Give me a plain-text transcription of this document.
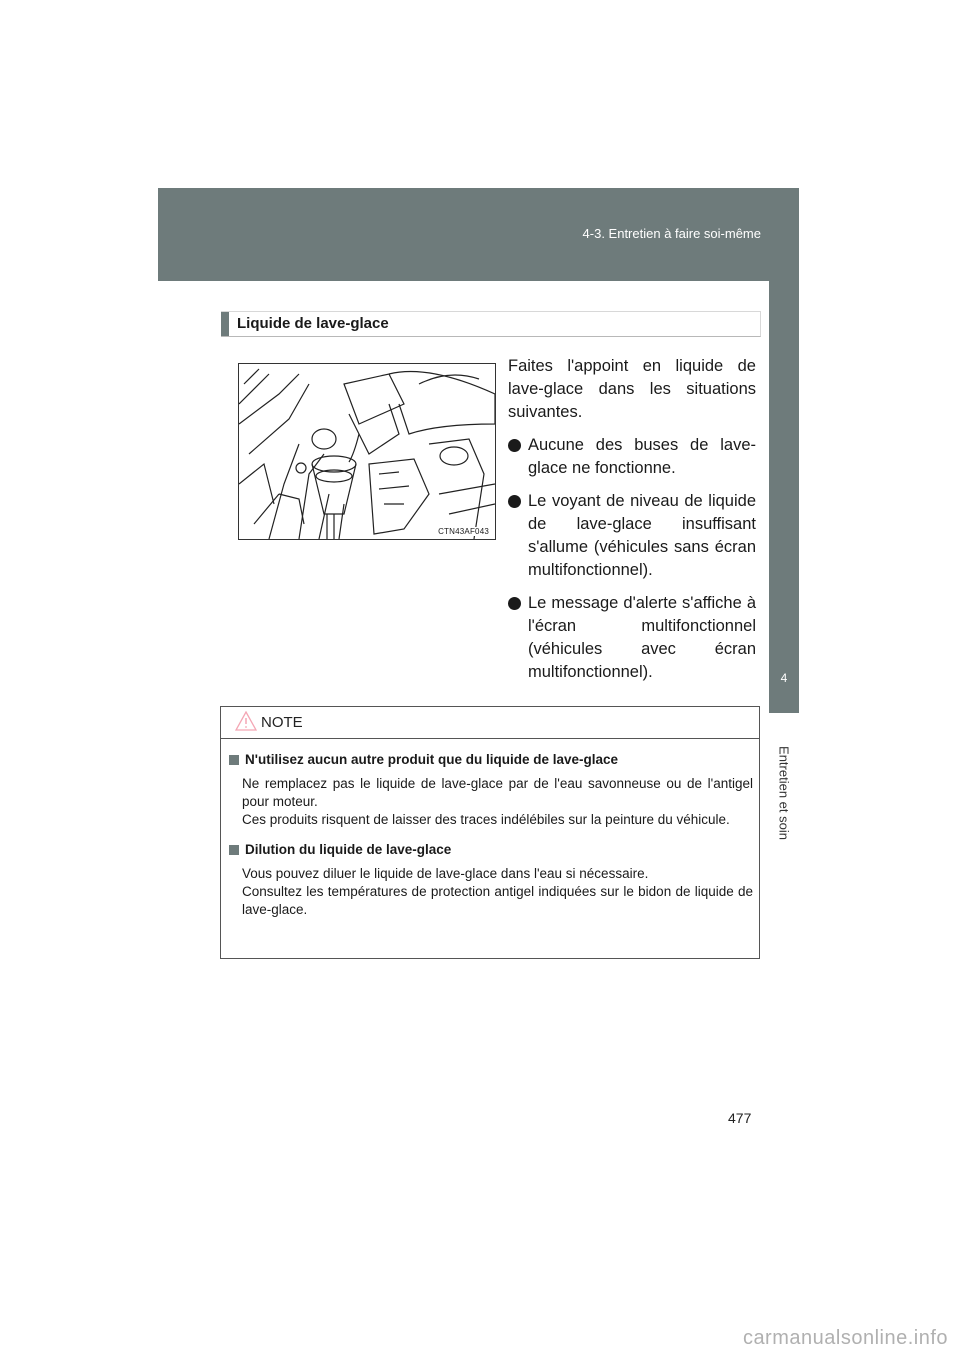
4-3. Entretien à faire soi-même
4
Entretien et soin
Liquide de lave-glace
CTN43AF043

Faites l'appoint en liquide de lave-glace dans les situations suivantes.

Aucune des buses de lave-glace ne fonctionne.
Le voyant de niveau de liquide de lave-glace insuffisant s'allume (véhicules sans écran multifonctionnel).
Le message d'alerte s'affiche à l'écran multifonctionnel (véhicules avec écran multifonctionnel).
NOTE
N'utilisez aucun autre produit que du liquide de lave-glace
Ne remplacez pas le liquide de lave-glace par de l'eau savonneuse ou de l'antigel pour moteur.
Ces produits risquent de laisser des traces indélébiles sur la peinture du véhicule.
Dilution du liquide de lave-glace
Vous pouvez diluer le liquide de lave-glace dans l'eau si nécessaire.
Consultez les températures de protection antigel indiquées sur le bidon de liquide de lave-glace.
477
carmanualsonline.info
